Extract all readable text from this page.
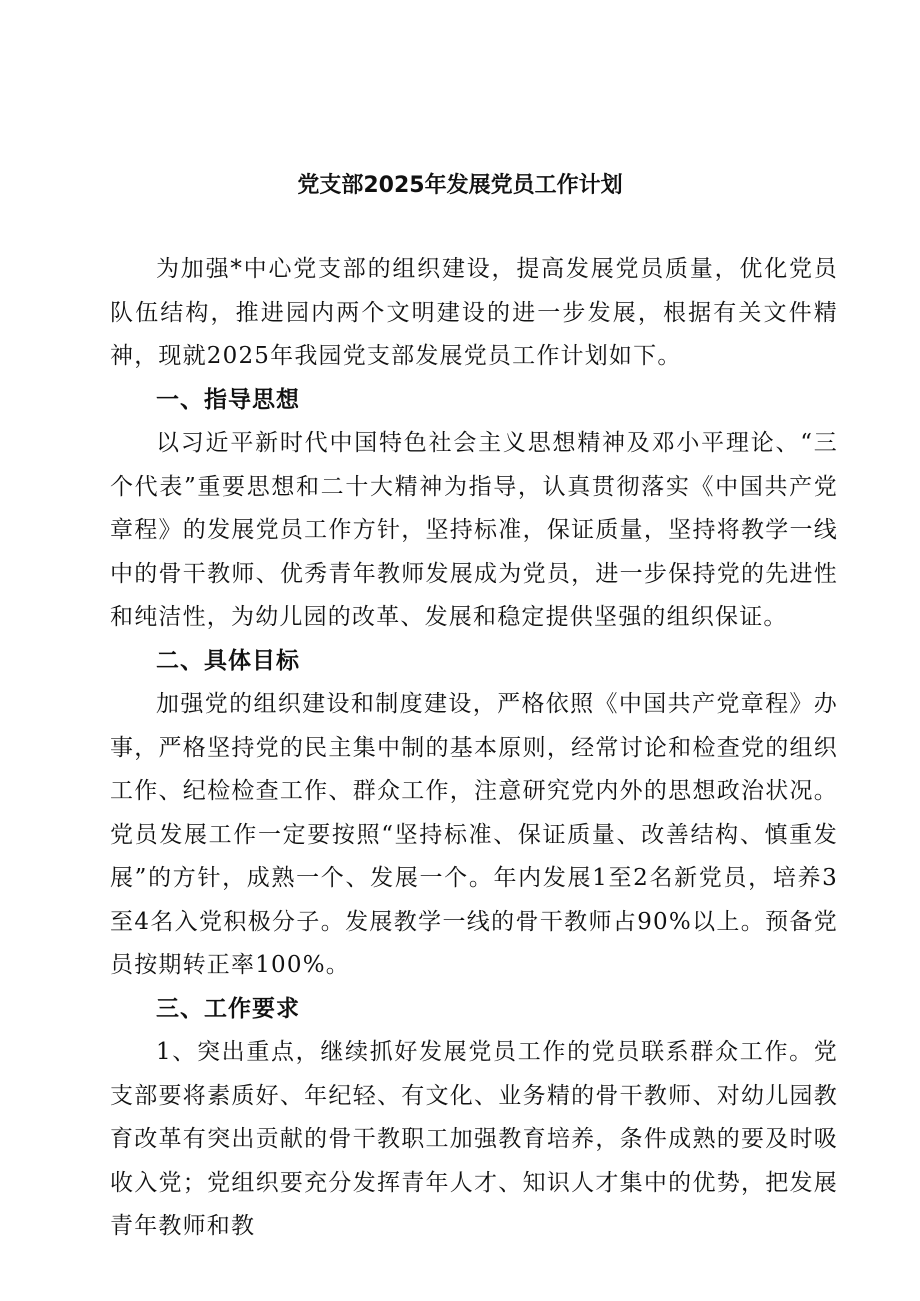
党支部2025年发展党员工作计划

为加强*中心党支部的组织建设，提高发展党员质量，优化党员队伍结构，推进园内两个文明建设的进一步发展，根据有关文件精神，现就2025年我园党支部发展党员工作计划如下。

一、指导思想

以习近平新时代中国特色社会主义思想精神及邓小平理论、“三个代表”重要思想和二十大精神为指导，认真贯彻落实《中国共产党章程》的发展党员工作方针，坚持标准，保证质量，坚持将教学一线中的骨干教师、优秀青年教师发展成为党员，进一步保持党的先进性和纯洁性，为幼儿园的改革、发展和稳定提供坚强的组织保证。

二、具体目标

加强党的组织建设和制度建设，严格依照《中国共产党章程》办事，严格坚持党的民主集中制的基本原则，经常讨论和检查党的组织工作、纪检检查工作、群众工作，注意研究党内外的思想政治状况。党员发展工作一定要按照“坚持标准、保证质量、改善结构、慎重发展”的方针，成熟一个、发展一个。年内发展1至2名新党员，培养3至4名入党积极分子。发展教学一线的骨干教师占90%以上。预备党员按期转正率100%。

三、工作要求

1、突出重点，继续抓好发展党员工作的党员联系群众工作。党支部要将素质好、年纪轻、有文化、业务精的骨干教师、对幼儿园教育改革有突出贡献的骨干教职工加强教育培养，条件成熟的要及时吸收入党；党组织要充分发挥青年人才、知识人才集中的优势，把发展青年教师和教
